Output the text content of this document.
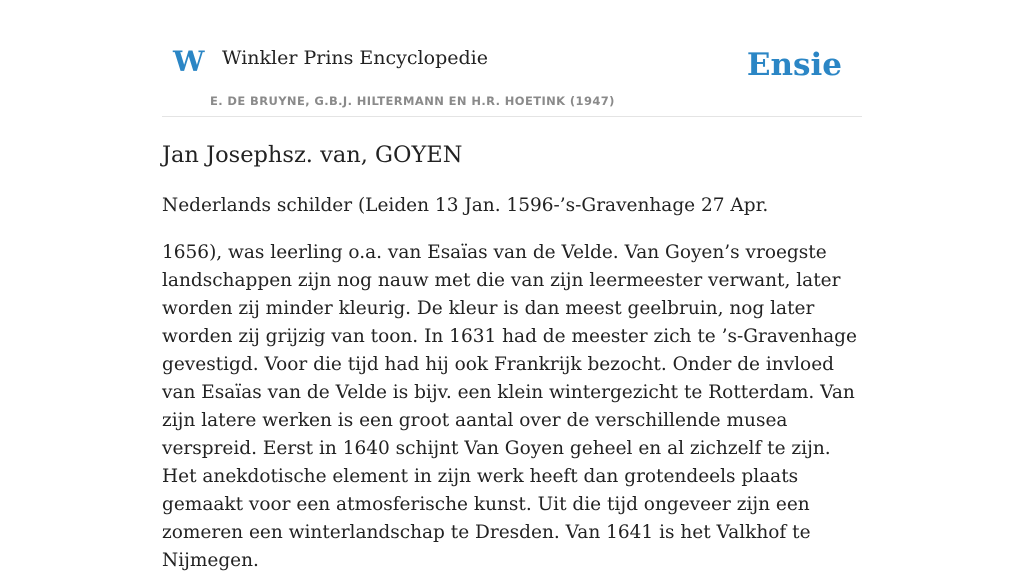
W Winkler Prins Encyclopedie
E. DE BRUYNE, G.B.J. HILTERMANN EN H.R. HOETINK (1947)
Ensie
Jan Josephsz. van, GOYEN

Nederlands schilder (Leiden 13 Jan. 1596-’s-Gravenhage 27 Apr.

1656), was leerling o.a. van Esaïas van de Velde. Van Goyen’s vroegste landschappen zijn nog nauw met die van zijn leermeester verwant, later worden zij minder kleurig. De kleur is dan meest geelbruin, nog later worden zij grijzig van toon. In 1631 had de meester zich te ’s-Gravenhage gevestigd. Voor die tijd had hij ook Frankrijk bezocht. Onder de invloed van Esaïas van de Velde is bijv. een klein wintergezicht te Rotterdam. Van zijn latere werken is een groot aantal over de verschillende musea verspreid. Eerst in 1640 schijnt Van Goyen geheel en al zichzelf te zijn. Het anekdotische element in zijn werk heeft dan grotendeels plaats gemaakt voor een atmosferische kunst. Uit die tijd ongeveer zijn een zomeren een winterlandschap te Dresden. Van 1641 is het Valkhof te Nijmegen.
